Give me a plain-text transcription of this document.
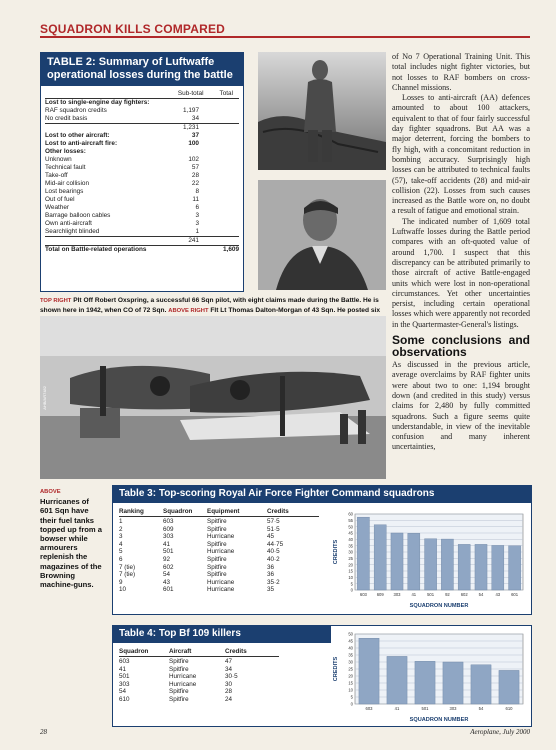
SQUADRON KILLS COMPARED
TABLE 2: Summary of Luftwaffe
operational losses during the battle
Sub-total	Total
Lost to single-engine day fighters:
RAF squadron credits	1,197
No credit basis	34
1,231
Lost to other aircraft:	37
Lost to anti-aircraft fire:	100
Other losses:
Unknown	102
Technical fault	57
Take-off	28
Mid-air collision	22
Lost bearings	8
Out of fuel	11
Weather	6
Barrage balloon cables	3
Own anti-aircraft	3
Searchlight blinded	1
241
Total on Battle-related operations	1,609
TOP RIGHT Plt Off Robert Oxspring, a successful 66 Sqn pilot, with eight claims made during the Battle. He is shown here in 1942, when CO of 72 Sqn. ABOVE RIGHT Flt Lt Thomas Dalton-Morgan of 43 Sqn. He posted six
AHB/AR7482

of No 7 Operational Training Unit. This total includes night fighter victories, but not losses to RAF bombers on cross-Channel missions.

Losses to anti-aircraft (AA) defences amounted to about 100 attackers, equivalent to that of four fairly successful day fighter squadrons. But AA was a major deterrent, forcing the bombers to fly high, with a concomitant reduction in bombing accuracy. Surprisingly high losses can be attributed to technical faults (57), take-off accidents (28) and mid-air collision (22). Losses from such causes increased as the Battle wore on, no doubt a result of fatigue and emotional strain.

The indicated number of 1,609 total Luftwaffe losses during the Battle period compares with an oft-quoted value of around 1,700. I suspect that this discrepancy can be attributed primarily to those aircraft of active Battle-engaged units which were lost in non-operational circumstances. Yet other uncertainties persist, including certain operational losses which were apparently not recorded in the Quartermaster-General's listings.

Some conclusions and observations

As discussed in the previous article, average overclaims by RAF fighter units were about two to one: 1,194 brought down (and credited in this study) versus claims for 2,480 by fully committed squadrons. Such a figure seems quite understandable, in view of the inevitable confusion and many inherent uncertainties,

ABOVE
Hurricanes of 601 Sqn have their fuel tanks topped up from a bowser while armourers replenish the magazines of the Browning machine-guns.
Table 3: Top-scoring Royal Air Force Fighter Command squadrons
Ranking	Squadron	Equipment	Credits
1	603	Spitfire	57·5
2	609	Spitfire	51·5
3	303	Hurricane	45
4	41	Spitfire	44·75
5	501	Hurricane	40·5
6	92	Spitfire	40·2
7 (tie)	602	Spitfire	36
7 (tie)	54	Spitfire	36
9	43	Hurricane	35·2
10	601	Hurricane	35	0
5
10
15
20
25
30
35
40
45
50
55
60
603 609 303	41	501	92	602	54	43	601
SQUADRON NUMBER
CREDITS
Table 4: Top Bf 109 killers
Squadron	Aircraft	Credits
603	Spitfire	47
41	Spitfire	34
501	Hurricane	30·5
303	Hurricane	30
54	Spitfire	28
610	Spitfire	24
0
5
10
15
20
25
30
35
40
45
50
603	41	501	303	54	610
SQUADRON NUMBER
CREDITS
28	Aeroplane, July 2000
